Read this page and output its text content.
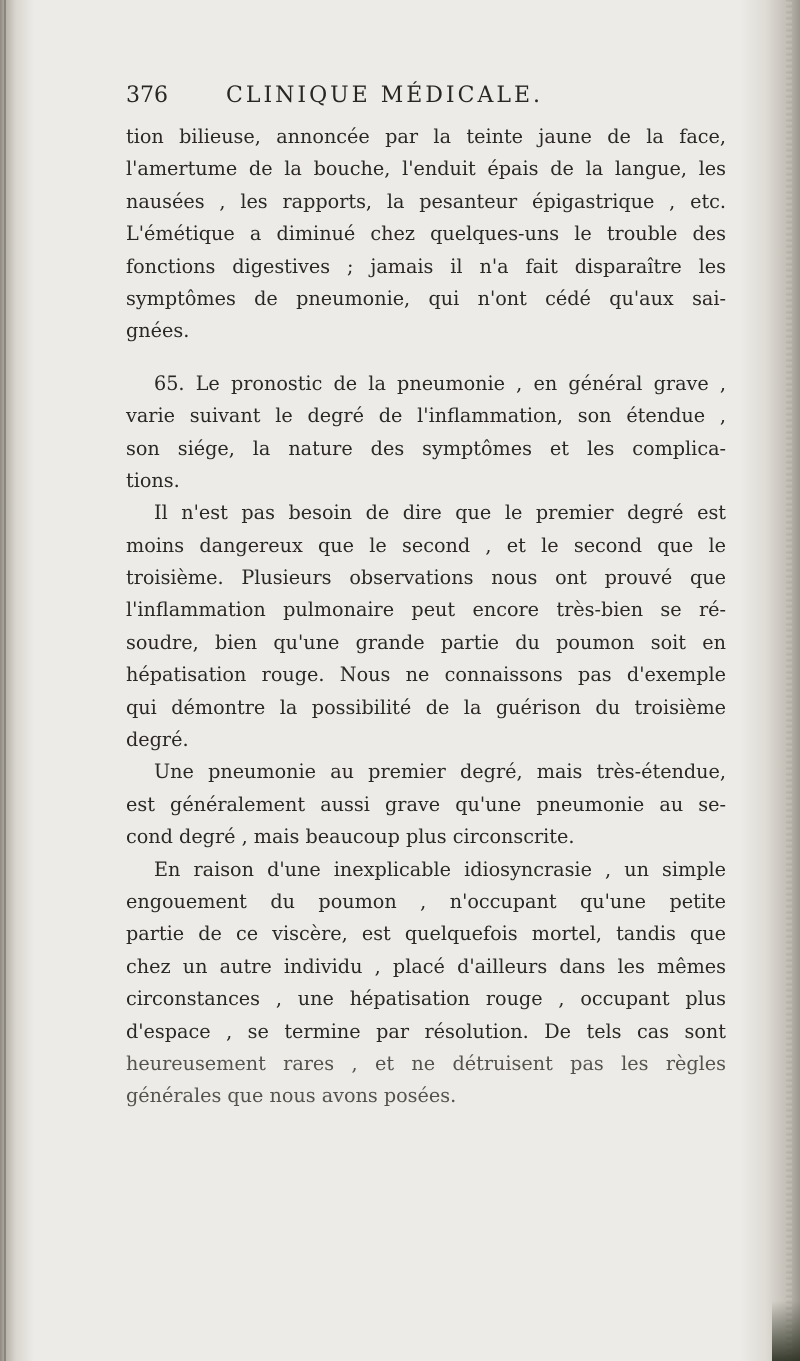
376	CLINIQUE MÉDICALE.
tion bilieuse, annoncée par la teinte jaune de la face,
l'amertume de la bouche, l'enduit épais de la langue, les
nausées , les rapports, la pesanteur épigastrique , etc.
L'émétique a diminué chez quelques-uns le trouble des
fonctions digestives ; jamais il n'a fait disparaître les
symptômes de pneumonie, qui n'ont cédé qu'aux sai-
gnées.
65. Le pronostic de la pneumonie , en général grave ,
varie suivant le degré de l'inflammation, son étendue ,
son siége, la nature des symptômes et les complica-
tions.
Il n'est pas besoin de dire que le premier degré est
moins dangereux que le second , et le second que le
troisième. Plusieurs observations nous ont prouvé que
l'inflammation pulmonaire peut encore très-bien se ré-
soudre, bien qu'une grande partie du poumon soit en
hépatisation rouge. Nous ne connaissons pas d'exemple
qui démontre la possibilité de la guérison du troisième
degré.
Une pneumonie au premier degré, mais très-étendue,
est généralement aussi grave qu'une pneumonie au se-
cond degré , mais beaucoup plus circonscrite.
En raison d'une inexplicable idiosyncrasie , un simple
engouement du poumon , n'occupant qu'une petite
partie de ce viscère, est quelquefois mortel, tandis que
chez un autre individu , placé d'ailleurs dans les mêmes
circonstances , une hépatisation rouge , occupant plus
d'espace , se termine par résolution. De tels cas sont
heureusement rares , et ne détruisent pas les règles
générales que nous avons posées.
